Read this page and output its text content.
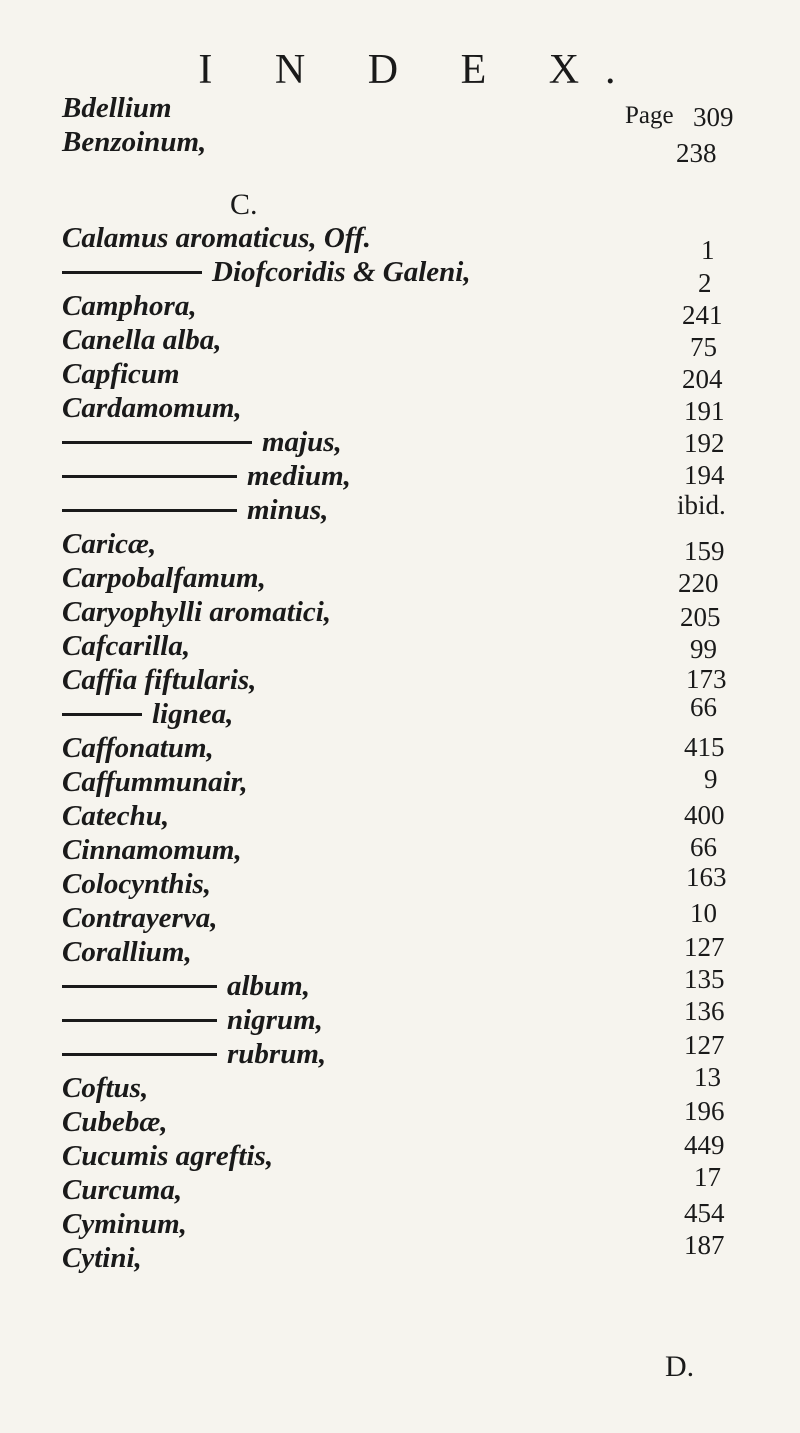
I N D E X.
Page
C.
Bdellium
Benzoinum,
Calamus aromaticus, Off.
Diofcoridis & Galeni,
Camphora,
Canella alba,
Capficum
Cardamomum,
majus,
medium,
minus,
Caricæ,
Carpobalfamum,
Caryophylli aromatici,
Cafcarilla,
Caffia fiftularis,
lignea,
Caffonatum,
Caffummunair,
Catechu,
Cinnamomum,
Colocynthis,
Contrayerva,
Corallium,
album,
nigrum,
rubrum,
Coftus,
Cubebæ,
Cucumis agreftis,
Curcuma,
Cyminum,
Cytini,
309
238
1
2
241
75
204
191
192
194
ibid.
159
220
205
99
173
66
415
9
400
66
163
10
127
135
136
127
13
196
449
17
454
187
D.
